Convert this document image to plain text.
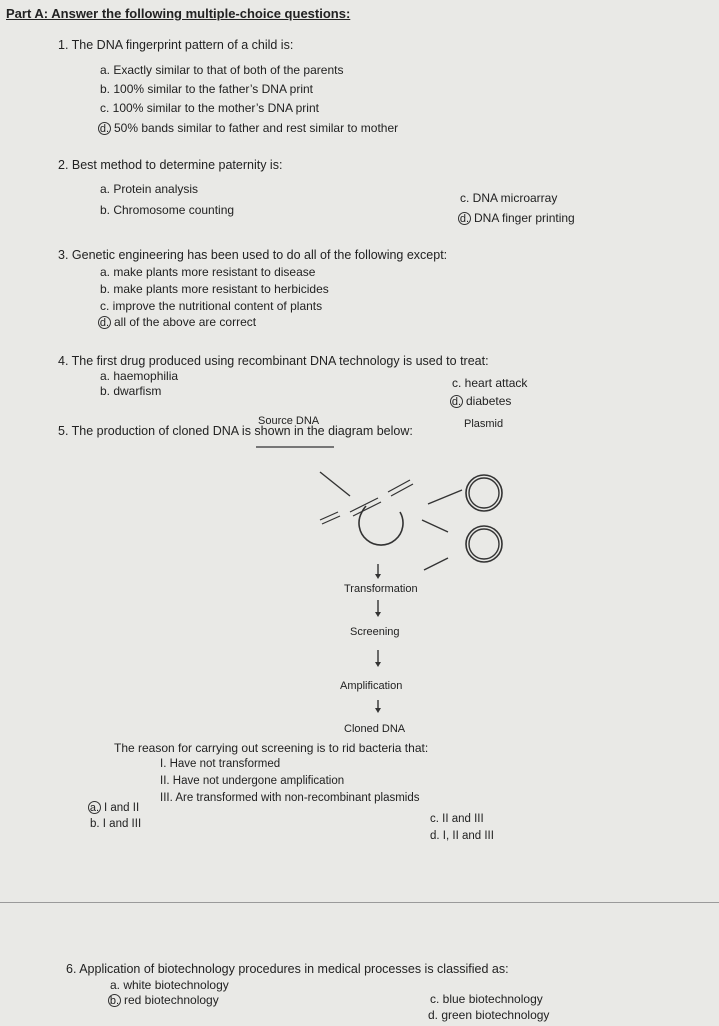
Part A: Answer the following multiple-choice questions:
1. The DNA fingerprint pattern of a child is:
a. Exactly similar to that of both of the parents
b. 100% similar to the father’s DNA print
c. 100% similar to the mother’s DNA print
d. 50% bands similar to father and rest similar to mother
2. Best method to determine paternity is:
a. Protein analysis
b. Chromosome counting
c. DNA microarray
d. DNA finger printing
3. Genetic engineering has been used to do all of the following except:
a. make plants more resistant to disease
b. make plants more resistant to herbicides
c. improve the nutritional content of plants
d. all of the above are correct
4. The first drug produced using recombinant DNA technology is used to treat:
a. haemophilia
b. dwarfism
c. heart attack
d. diabetes
5. The production of cloned DNA is shown in the diagram below:
Source DNA	Plasmid
Transformation
Screening
Amplification
Cloned DNA
The reason for carrying out screening is to rid bacteria that:
I. Have not transformed
II. Have not undergone amplification
III. Are transformed with non-recombinant plasmids
a. I and II
b. I and III	c. II and III
d. I, II and III
6. Application of biotechnology procedures in medical processes is classified as:
a. white biotechnology
b. red biotechnology	c. blue biotechnology
d. green biotechnology
